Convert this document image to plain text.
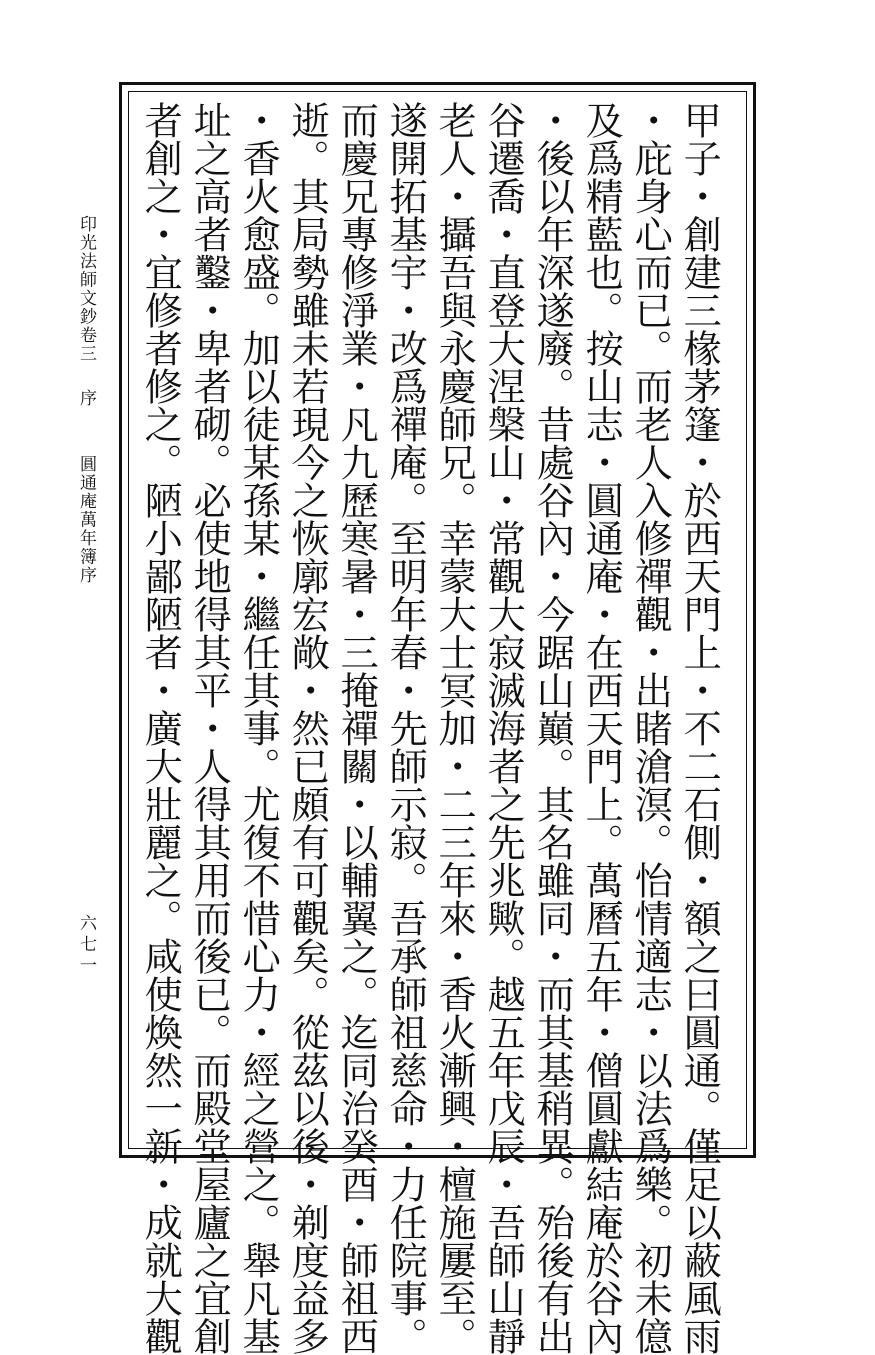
甲子・創建三椽茅篷・於西天門上・不二石側・額之曰圓通。僅足以蔽風雨
・庇身心而已。而老人入修禪觀・出睹滄溟。怡情適志・以法爲樂。初未億
及爲精藍也。按山志・圓通庵・在西天門上。萬曆五年・僧圓獻結庵於谷內
・後以年深遂廢。昔處谷內・今踞山巔。其名雖同・而其基稍異。殆後有出
谷遷喬・直登大涅槃山・常觀大寂滅海者之先兆歟。越五年戊辰・吾師山靜
老人・攝吾與永慶師兄。幸蒙大士冥加・二三年來・香火漸興・檀施屢至。
遂開拓基宇・改爲禪庵。至明年春・先師示寂。吾承師祖慈命・力任院事。
而慶兄專修淨業・凡九歷寒暑・三掩禪關・以輔翼之。迄同治癸酉・師祖西
逝。其局勢雖未若現今之恢廓宏敞・然已頗有可觀矣。從茲以後・剃度益多
・香火愈盛。加以徒某孫某・繼任其事。尤復不惜心力・經之營之。舉凡基
址之高者鑿・卑者砌。必使地得其平・人得其用而後已。而殿堂屋廬之宜創
者創之・宜修者修之。陋小鄙陋者・廣大壯麗之。咸使煥然一新・成就大觀
印光法師文鈔卷三
序
圓通庵萬年簿序
六七一
